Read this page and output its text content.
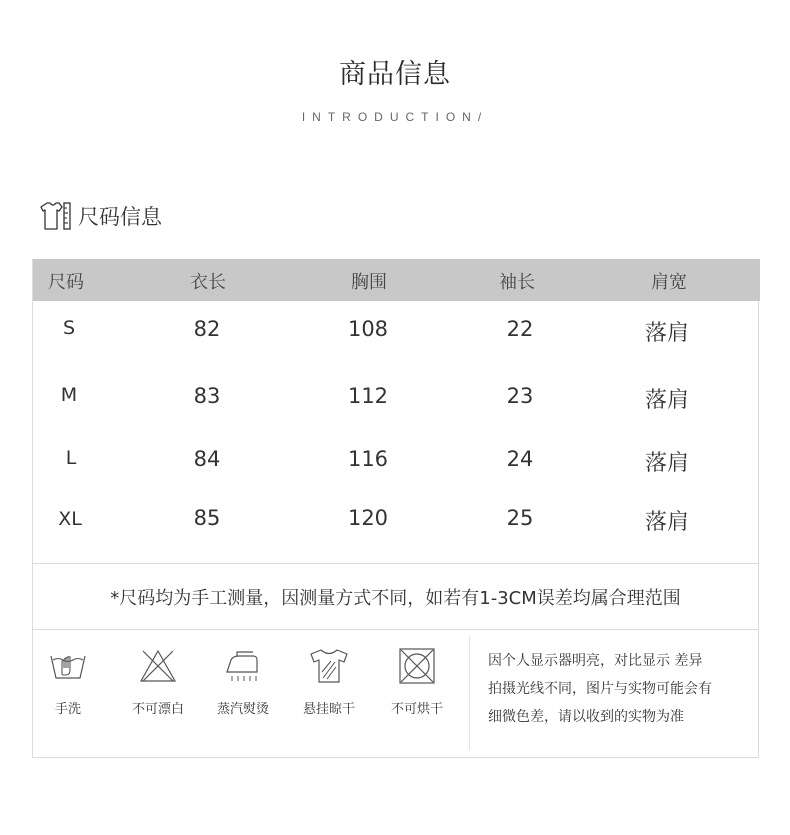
商品信息
INTRODUCTION/
尺码信息
尺码	衣长	胸围	袖长	肩宽
S	82	108	22	落肩
M	83	112	23	落肩
L	84	116	24	落肩
XL	85	120	25	落肩
*尺码均为手工测量，因测量方式不同，如若有1-3CM误差均属合理范围
手洗	不可漂白	蒸汽熨烫	悬挂晾干	不可烘干
因个人显示器明亮，对比显示 差异
拍摄光线不同，图片与实物可能会有
细微色差，请以收到的实物为准
